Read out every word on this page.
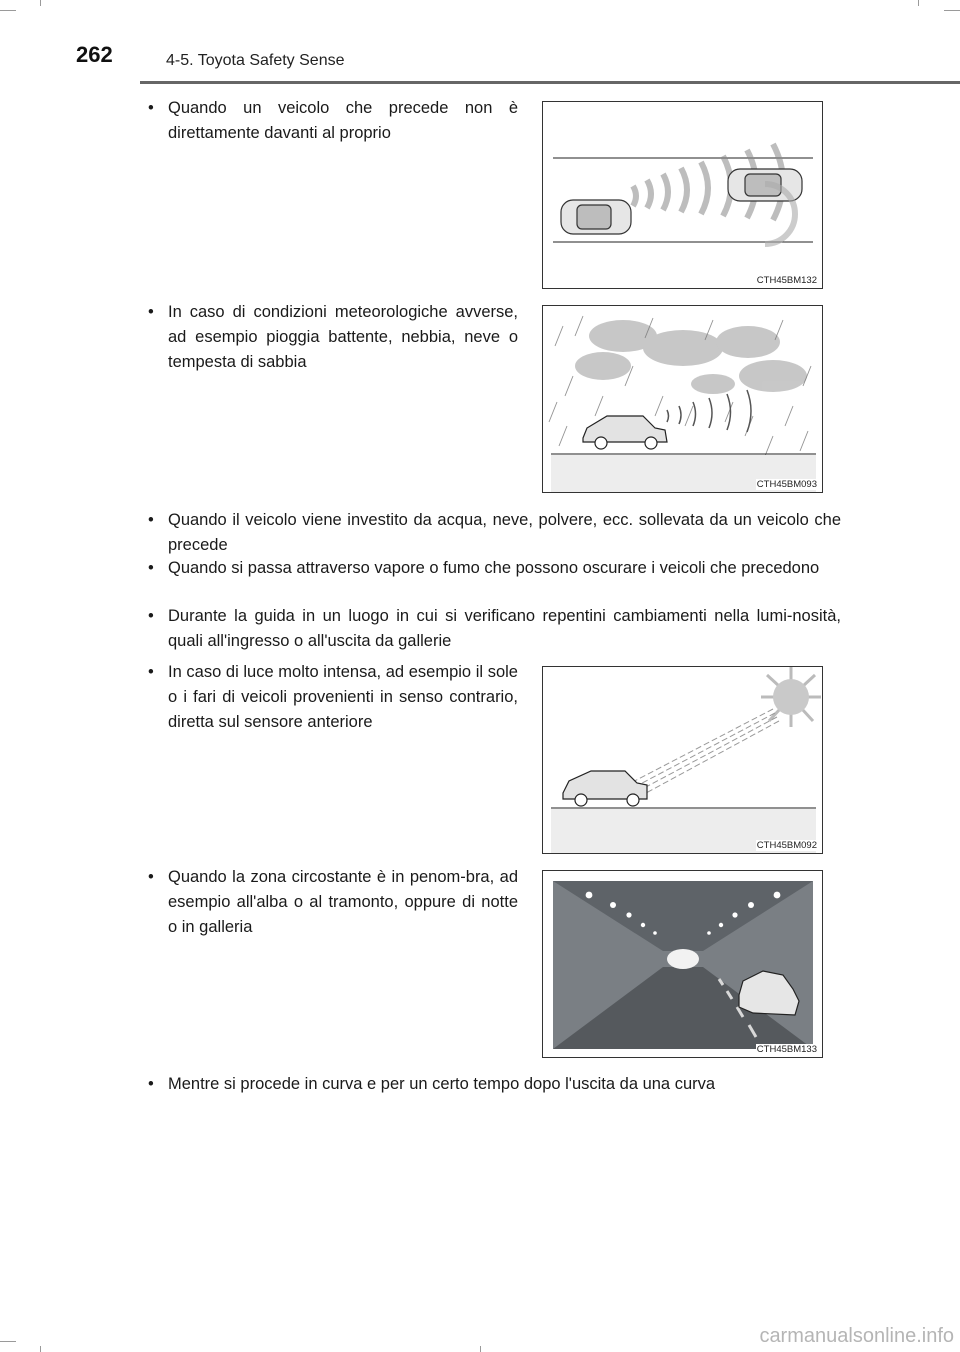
262	4-5. Toyota Safety Sense
• Quando un veicolo che precede non è direttamente davanti al proprio
CTH45BM132
• In caso di condizioni meteorologiche avverse, ad esempio pioggia battente, nebbia, neve o tempesta di sabbia
CTH45BM093
• Quando il veicolo viene investito da acqua, neve, polvere, ecc. sollevata da un veicolo che precede
• Quando si passa attraverso vapore o fumo che possono oscurare i veicoli che precedono
• Durante la guida in un luogo in cui si verificano repentini cambiamenti nella lumi-nosità, quali all'ingresso o all'uscita da gallerie
• In caso di luce molto intensa, ad esempio il sole o i fari di veicoli provenienti in senso contrario, diretta sul sensore anteriore
CTH45BM092
• Quando la zona circostante è in penom-bra, ad esempio all'alba o al tramonto, oppure di notte o in galleria
CTH45BM133
• Mentre si procede in curva e per un certo tempo dopo l'uscita da una curva
carmanualsonline.info
